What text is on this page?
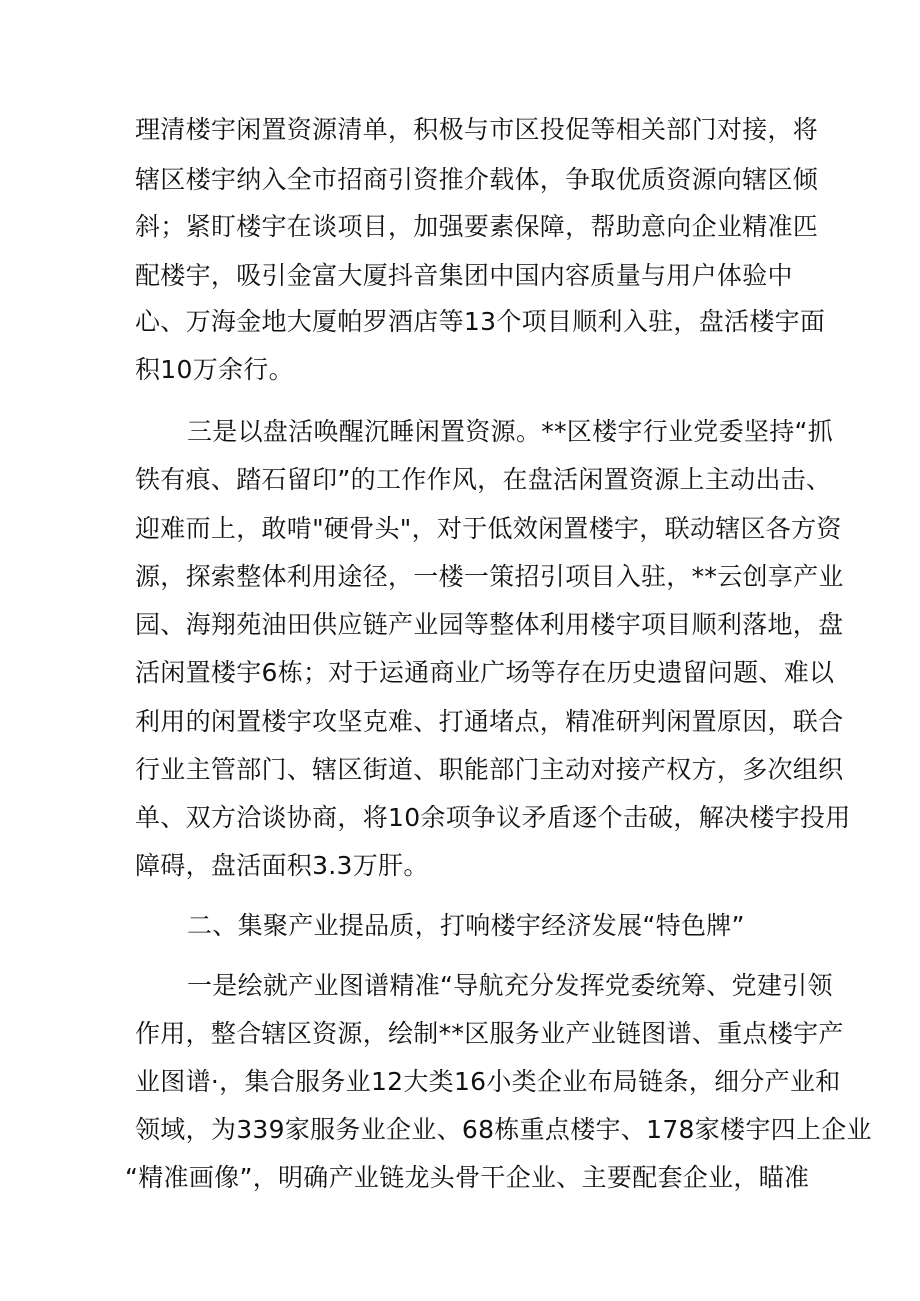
理清楼宇闲置资源清单，积极与市区投促等相关部门对接，将
辖区楼宇纳入全市招商引资推介载体，争取优质资源向辖区倾
斜；紧盯楼宇在谈项目，加强要素保障，帮助意向企业精准匹
配楼宇，吸引金富大厦抖音集团中国内容质量与用户体验中
心、万海金地大厦帕罗酒店等13个项目顺利入驻，盘活楼宇面
积10万余行。
三是以盘活唤醒沉睡闲置资源。**区楼宇行业党委坚持“抓
铁有痕、踏石留印”的工作作风，在盘活闲置资源上主动出击、
迎难而上，敢啃"硬骨头"，对于低效闲置楼宇，联动辖区各方资
源，探索整体利用途径，一楼一策招引项目入驻，**云创享产业
园、海翔苑油田供应链产业园等整体利用楼宇项目顺利落地，盘
活闲置楼宇6栋；对于运通商业广场等存在历史遗留问题、难以
利用的闲置楼宇攻坚克难、打通堵点，精准研判闲置原因，联合
行业主管部门、辖区街道、职能部门主动对接产权方，多次组织
单、双方洽谈协商，将10余项争议矛盾逐个击破，解决楼宇投用
障碍，盘活面积3.3万肝。
二、集聚产业提品质，打响楼宇经济发展“特色牌”
一是绘就产业图谱精准“导航充分发挥党委统筹、党建引领
作用，整合辖区资源，绘制**区服务业产业链图谱、重点楼宇产
业图谱·，集合服务业12大类16小类企业布局链条，细分产业和
领域，为339家服务业企业、68栋重点楼宇、178家楼宇四上企业
“精准画像”，明确产业链龙头骨干企业、主要配套企业，瞄准
